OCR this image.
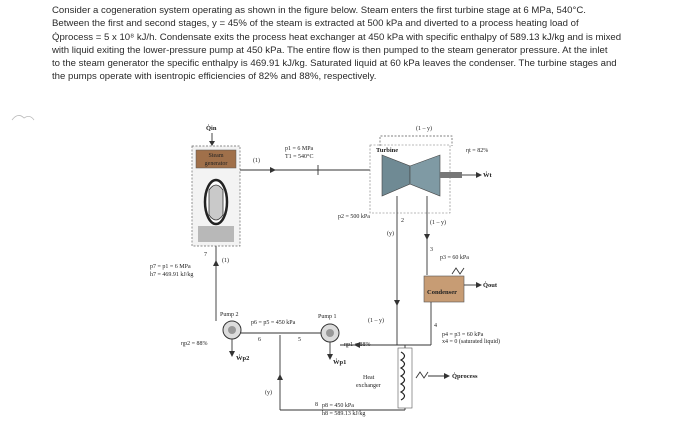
Consider a cogeneration system operating as shown in the figure below. Steam enters the first turbine stage at 6 MPa, 540°C.

Between the first and second stages, y = 45% of the steam is extracted at 500 kPa and diverted to a process heating load of

Q̇process = 5 x 10⁸ kJ/h. Condensate exits the process heat exchanger at 450 kPa with specific enthalpy of 589.13 kJ/kg and is mixed

with liquid exiting the lower-pressure pump at 450 kPa. The entire flow is then pumped to the steam generator pressure. At the inlet

to the steam generator the specific enthalpy is 469.91 kJ/kg. Saturated liquid at 60 kPa leaves the condenser. The turbine stages and

the pumps operate with isentropic efficiencies of 82% and 88%, respectively.

Steam
generator
Q̇in
(1)
p1 = 6 MPa
T1 = 540°C
Turbine
(1 – y)
ηt = 82%
Ẇt
p2 = 500 kPa
2
(y)
(1 – y)
3
p3 = 60 kPa
Condenser
Q̇out
4
p4 = p3 = 60 kPa
x4 = 0 (saturated liquid)
Heat
exchanger
Q̇process
8 p8 = 450 kPa
h8 = 589.13 kJ/kg
(y)
Pump 1
(1 – y)
ηp1 = 88%
Ẇp1
5
p6 = p5 = 450 kPa
Pump 2
6
ηp2 = 88%
Ẇp2
7
(1)
p7 = p1 = 6 MPa
h7 = 469.91 kJ/kg
